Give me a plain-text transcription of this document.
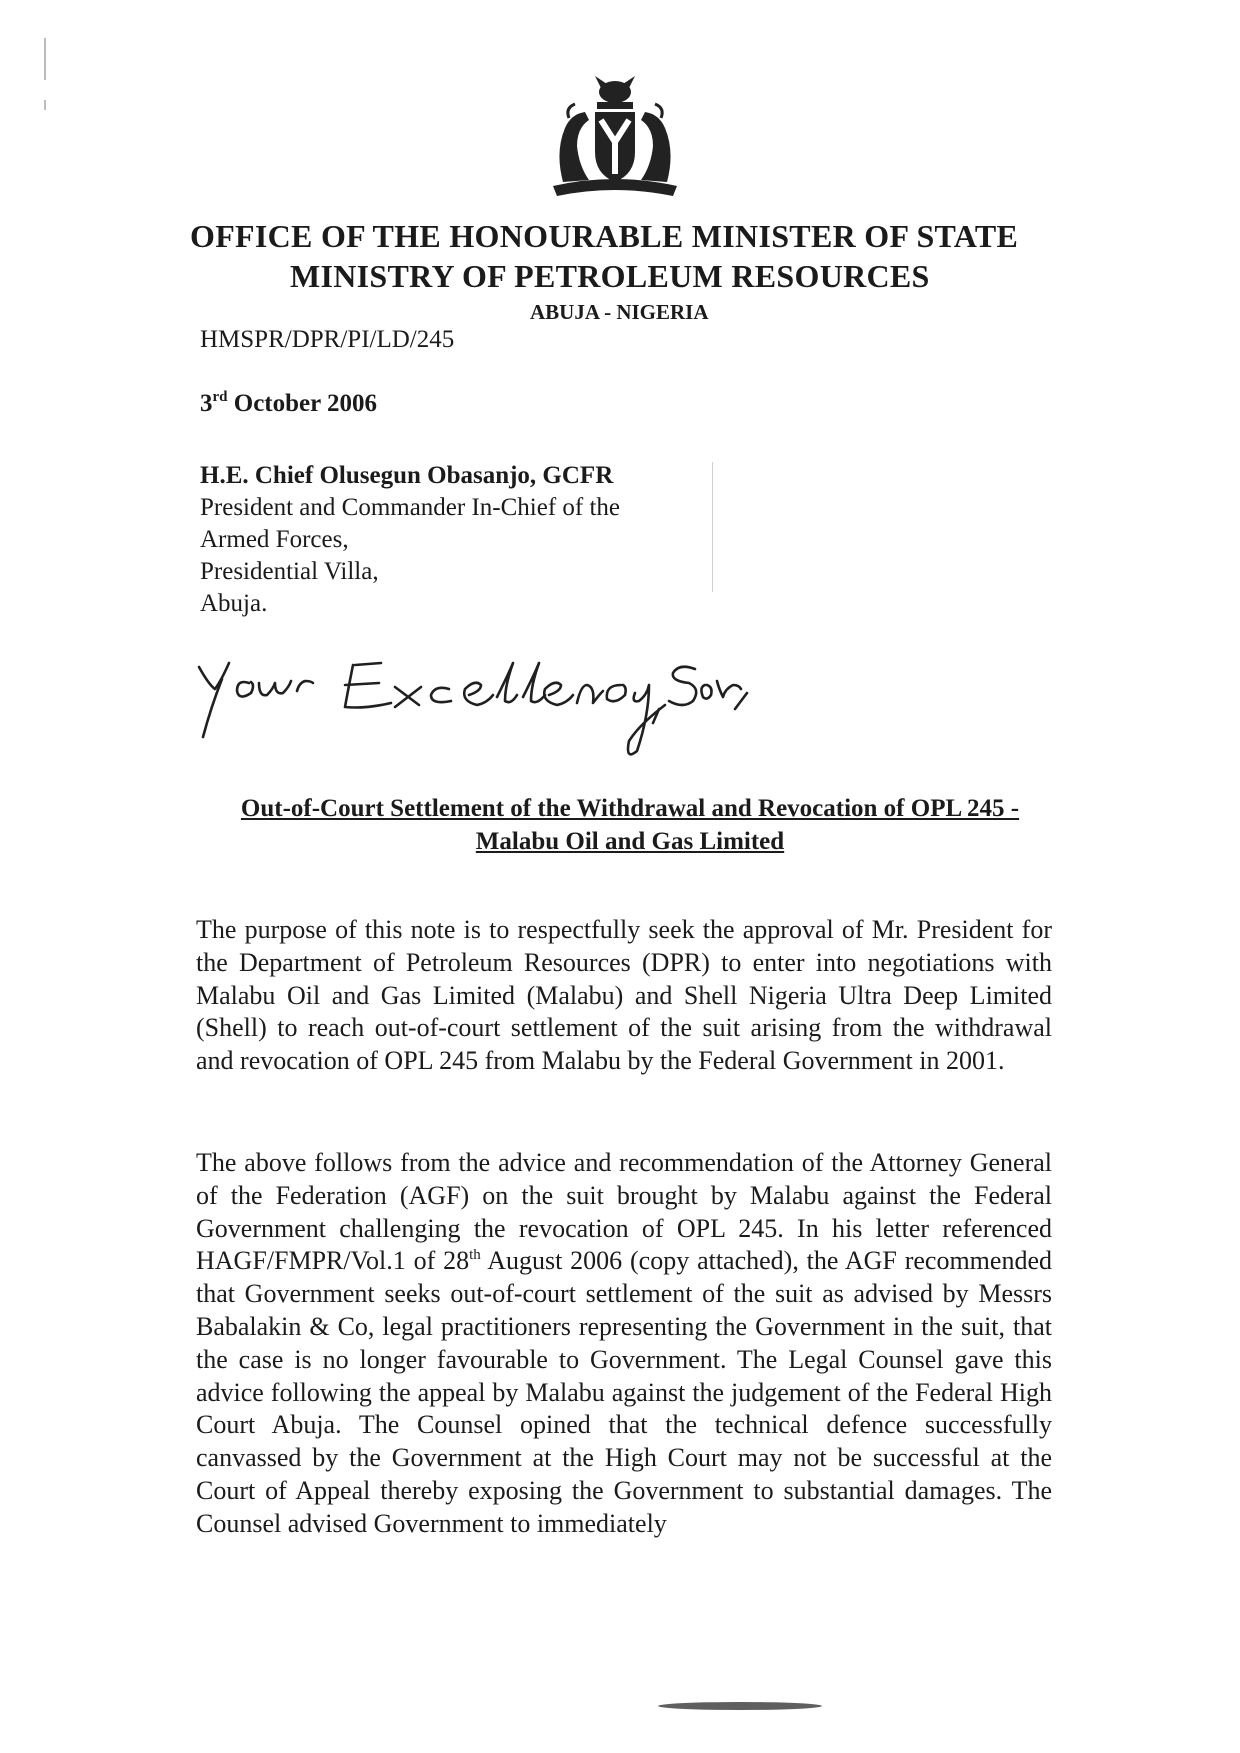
OFFICE OF THE HONOURABLE MINISTER OF STATE
MINISTRY OF PETROLEUM RESOURCES
ABUJA - NIGERIA
HMSPR/DPR/PI/LD/245
3rd October 2006
H.E. Chief Olusegun Obasanjo, GCFR
President and Commander In-Chief of the
Armed Forces,
Presidential Villa,
Abuja.
Out-of-Court Settlement of the Withdrawal and Revocation of OPL 245 - Malabu Oil and Gas Limited

The purpose of this note is to respectfully seek the approval of Mr. President for the Department of Petroleum Resources (DPR) to enter into negotiations with Malabu Oil and Gas Limited (Malabu) and Shell Nigeria Ultra Deep Limited (Shell) to reach out-of-court settlement of the suit arising from the withdrawal and revocation of OPL 245 from Malabu by the Federal Government in 2001.

The above follows from the advice and recommendation of the Attorney General of the Federation (AGF) on the suit brought by Malabu against the Federal Government challenging the revocation of OPL 245. In his letter referenced HAGF/FMPR/Vol.1 of 28th August 2006 (copy attached), the AGF recommended that Government seeks out-of-court settlement of the suit as advised by Messrs Babalakin & Co, legal practitioners representing the Government in the suit, that the case is no longer favourable to Government. The Legal Counsel gave this advice following the appeal by Malabu against the judgement of the Federal High Court Abuja. The Counsel opined that the technical defence successfully canvassed by the Government at the High Court may not be successful at the Court of Appeal thereby exposing the Government to substantial damages. The Counsel advised Government to immediately
